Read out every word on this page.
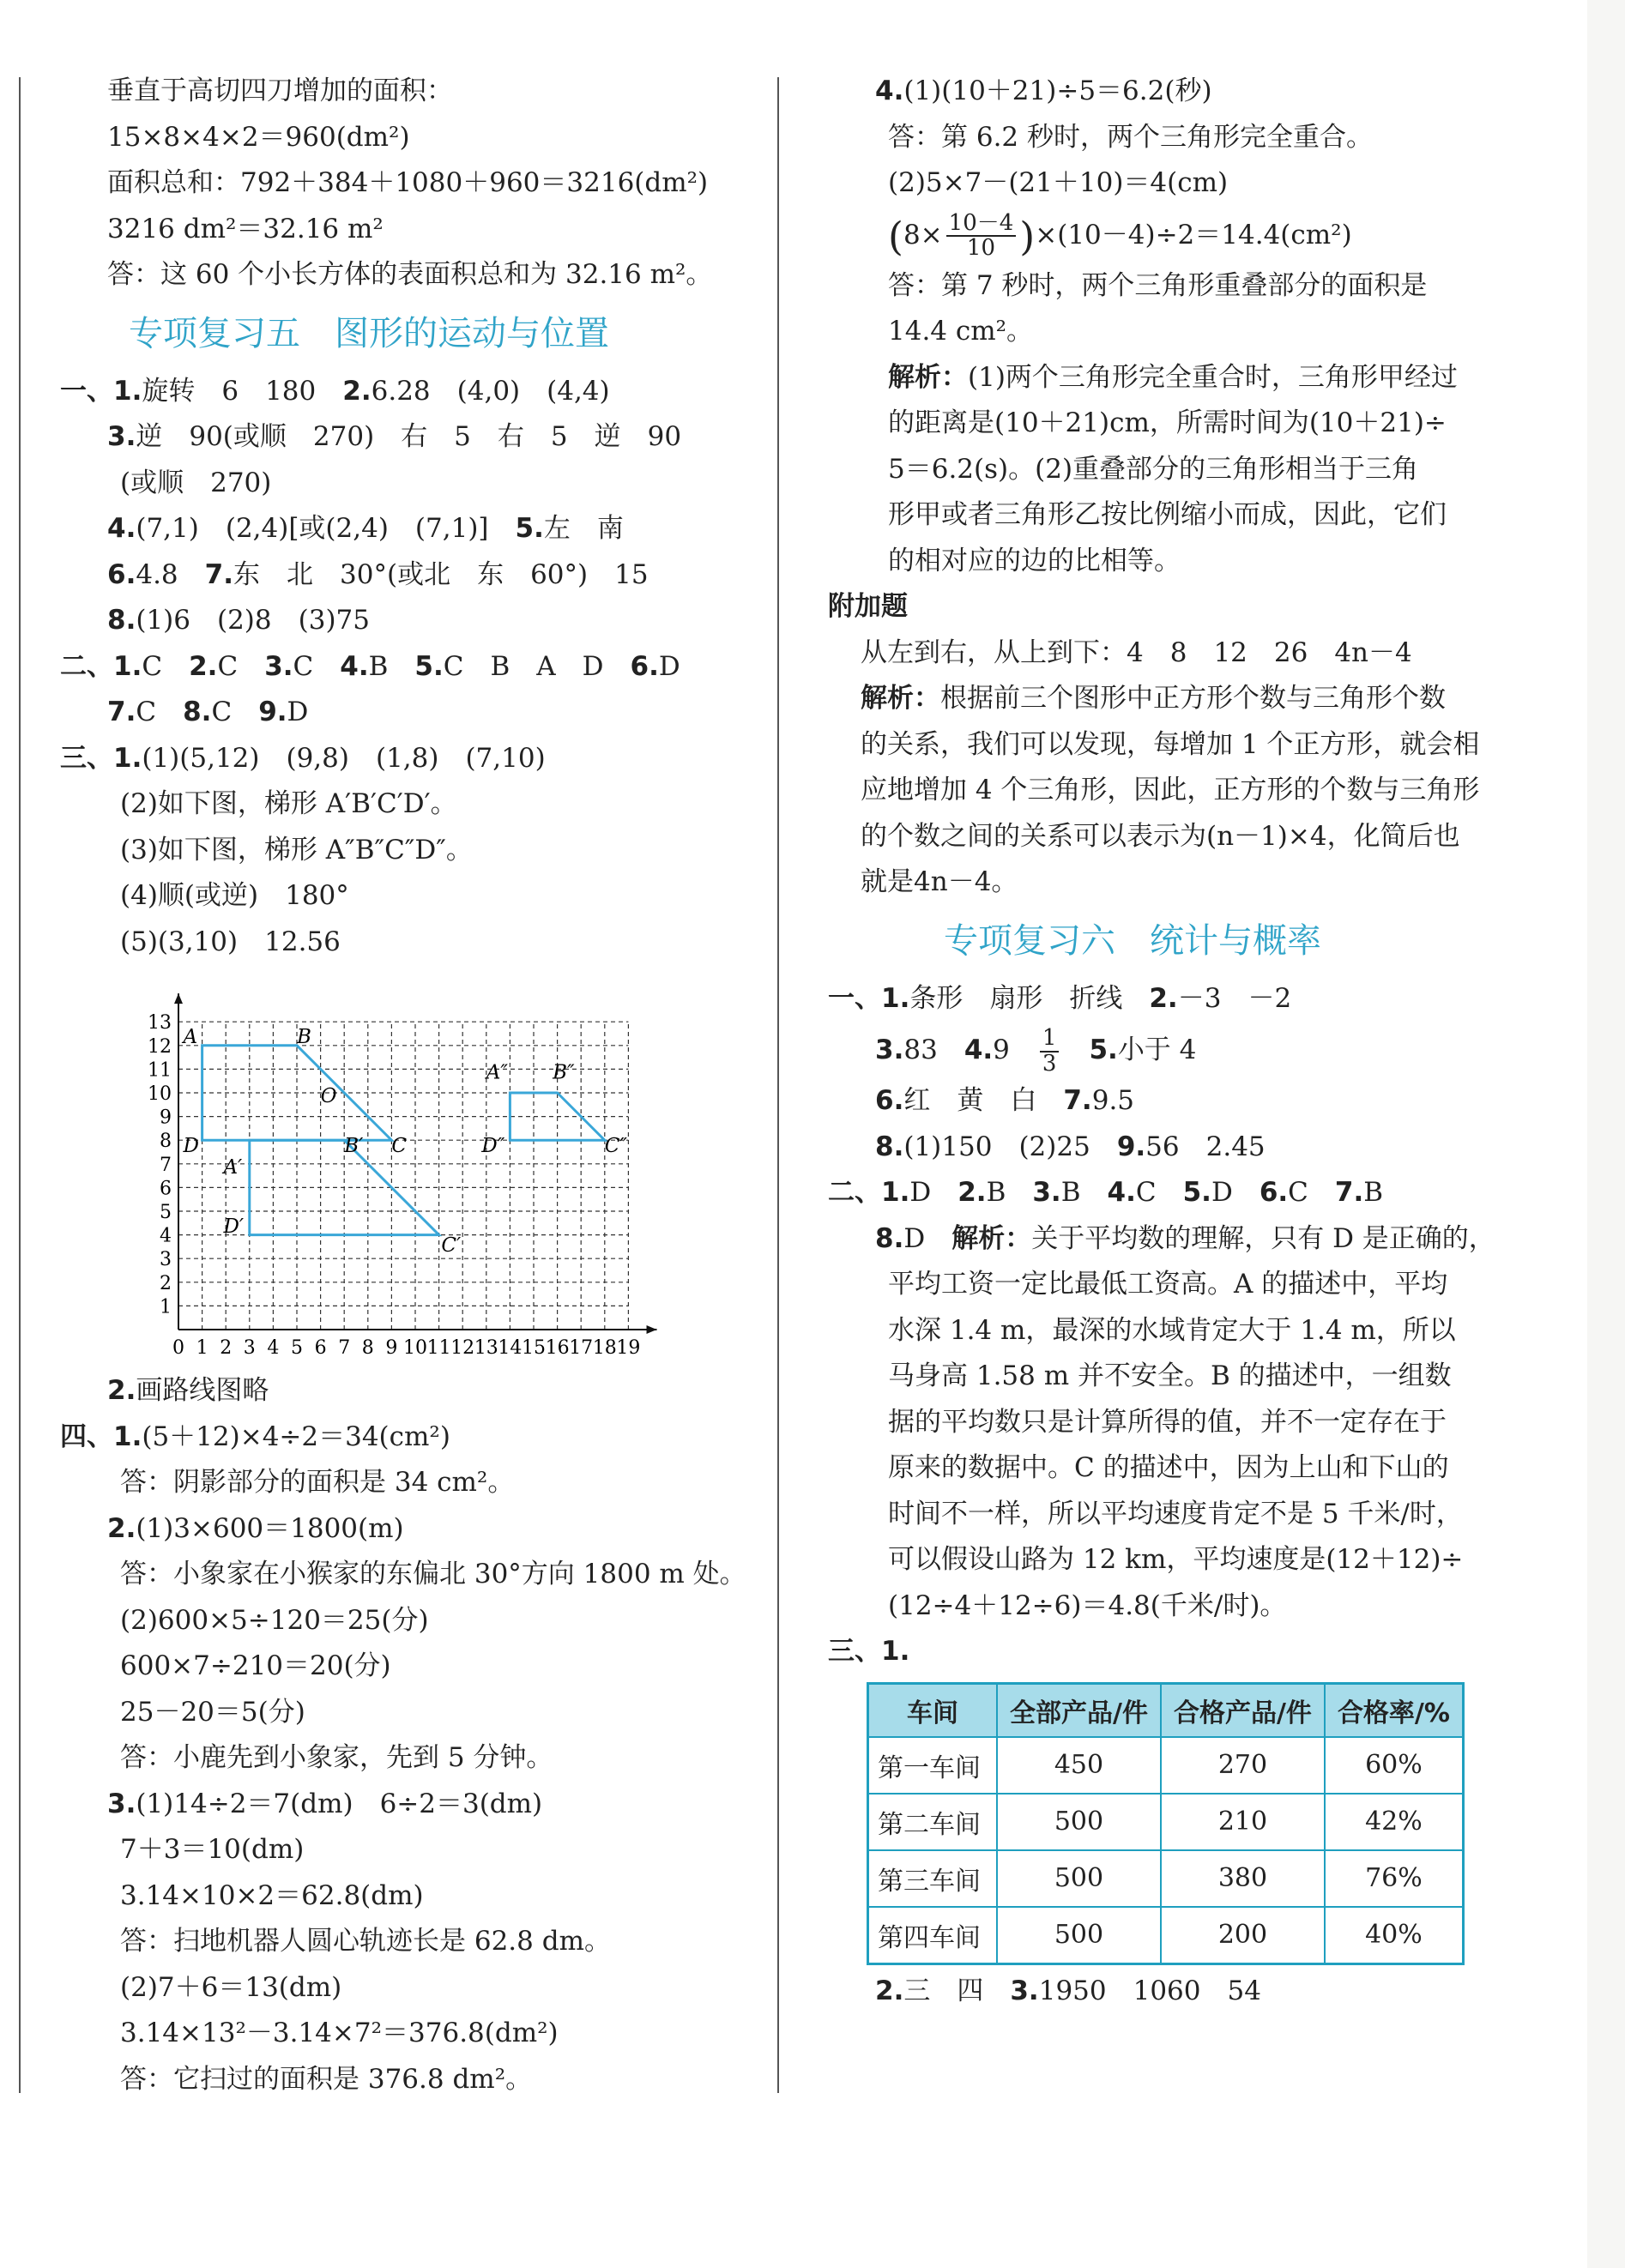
垂直于高切四刀增加的面积：
15×8×4×2＝960(dm²)
面积总和：792＋384＋1080＋960＝3216(dm²)
3216 dm²＝32.16 m²
答：这 60 个小长方体的表面积总和为 32.16 m²。
专项复习五　图形的运动与位置
一、1.旋转　6　180　2.6.28　(4,0)　(4,4)
3.逆　90(或顺　270)　右　5　右　5　逆　90
(或顺　270)
4.(7,1)　(2,4)[或(2,4)　(7,1)]　5.左　南
6.4.8　7.东　北　30°(或北　东　60°)　15
8.(1)6　(2)8　(3)75
二、1.C　2.C　3.C　4.B　5.C　B　A　D　6.D
7.C　8.C　9.D
三、1.(1)(5,12)　(9,8)　(1,8)　(7,10)
(2)如下图，梯形 A′B′C′D′。
(3)如下图，梯形 A″B″C″D″。
(4)顺(或逆)　180°
(5)(3,10)　12.56
0 1 2 3 4 5 6 7 8 9 10 11 12 13 14 15 16 17 18 19
1
2
3
4
5
6
7
8
9
10
11
12
13
A	B
D	C
O
B′
A′
D′
C′
A″ B″
D″	C″
2.画路线图略
四、1.(5＋12)×4÷2＝34(cm²)
答：阴影部分的面积是 34 cm²。
2.(1)3×600＝1800(m)
答：小象家在小猴家的东偏北 30°方向 1800 m 处。
(2)600×5÷120＝25(分)
600×7÷210＝20(分)
25－20＝5(分)
答：小鹿先到小象家，先到 5 分钟。
3.(1)14÷2＝7(dm)　6÷2＝3(dm)
7＋3＝10(dm)
3.14×10×2＝62.8(dm)
答：扫地机器人圆心轨迹长是 62.8 dm。
(2)7＋6＝13(dm)
3.14×13²－3.14×7²＝376.8(dm²)
答：它扫过的面积是 376.8 dm²。
4.(1)(10＋21)÷5＝6.2(秒)
答：第 6.2 秒时，两个三角形完全重合。
(2)5×7－(21＋10)＝4(cm)
$(8\times \frac{10-4}{10} )\times(10-4)\div 2=14.4(cm^2)$
答：第 7 秒时，两个三角形重叠部分的面积是
14.4 cm²。
解析：(1)两个三角形完全重合时，三角形甲经过
的距离是(10＋21)cm，所需时间为(10＋21)÷
5＝6.2(s)。(2)重叠部分的三角形相当于三角
形甲或者三角形乙按比例缩小而成，因此，它们
的相对应的边的比相等。
附加题
从左到右，从上到下：4　8　12　26　4n－4
解析：根据前三个图形中正方形个数与三角形个数
的关系，我们可以发现，每增加 1 个正方形，就会相
应地增加 4 个三角形，因此，正方形的个数与三角形
的个数之间的关系可以表示为(n－1)×4，化简后也
就是4n－4。
专项复习六　统计与概率
一、1.条形　扇形　折线　2.－3　－2
3.83　4.9　 $\frac{1}{3}$
　 5.小于 4
6.红　黄　白　7.9.5
8.(1)150　(2)25　9.56　2.45
二、1.D　2.B　3.B　4.C　5.D　6.C　7.B
8.D　解析：关于平均数的理解，只有 D 是正确的，
平均工资一定比最低工资高。A 的描述中，平均
水深 1.4 m，最深的水域肯定大于 1.4 m，所以
马身高 1.58 m 并不安全。B 的描述中，一组数
据的平均数只是计算所得的值，并不一定存在于
原来的数据中。C 的描述中，因为上山和下山的
时间不一样，所以平均速度肯定不是 5 千米/时，
可以假设山路为 12 km，平均速度是(12＋12)÷
(12÷4＋12÷6)＝4.8(千米/时)。
三、1.
车间	全部产品/件	合格产品/件	合格率/%
第一车间	450	270	60%
第二车间	500	210	42%
第三车间	500	380	76%
第四车间	500	200	40%
2.三　四　3.1950　1060　54
